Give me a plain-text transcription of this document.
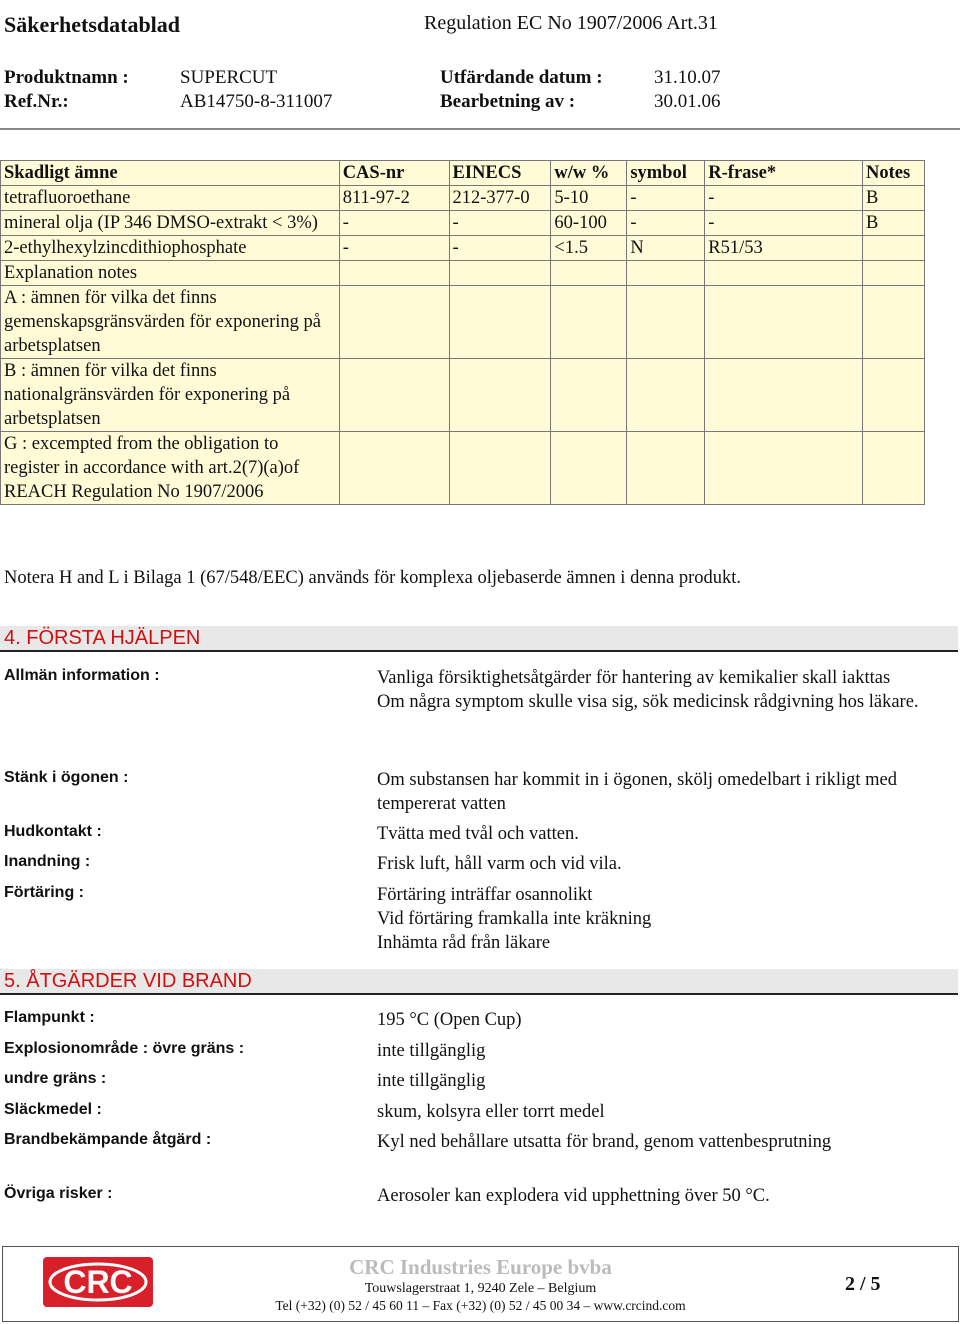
Säkerhetsdatablad	Regulation EC No 1907/2006 Art.31
Produktnamn :	SUPERCUT	Utfärdande datum :	31.10.07
Ref.Nr.:	AB14750-8-311007	Bearbetning av :	30.01.06
Skadligt ämne	CAS-nr	EINECS	w/w %	symbol	R-frase*	Notes
tetrafluoroethane	811-97-2	212-377-0	5-10	-	-	B
mineral olja (IP 346 DMSO-extrakt < 3%)	-	-	60-100	-	-	B
2-ethylhexylzincdithiophosphate	-	-	<1.5	N	R51/53	
Explanation notes						
A : ämnen för vilka det finns gemenskapsgränsvärden för exponering på arbetsplatsen						
B : ämnen för vilka det finns nationalgränsvärden för exponering på arbetsplatsen						
G : excempted from the obligation to register in accordance with art.2(7)(a)of REACH Regulation No 1907/2006						
Notera H and L i Bilaga 1 (67/548/EEC) används för komplexa oljebaserde ämnen i denna produkt.
4. FÖRSTA HJÄLPEN
Allmän information :	Vanliga försiktighetsåtgärder för hantering av kemikalier skall iakttas
Om några symptom skulle visa sig, sök medicinsk rådgivning hos läkare.
Stänk i ögonen :	Om substansen har kommit in i ögonen, skölj omedelbart i rikligt med tempererat vatten
Hudkontakt :	Tvätta med tvål och vatten.
Inandning :	Frisk luft, håll varm och vid vila.
Förtäring :	Förtäring inträffar osannolikt
Vid förtäring framkalla inte kräkning
Inhämta råd från läkare
5. ÅTGÄRDER VID BRAND
Flampunkt :	195 °C (Open Cup)
Explosionområde : övre gräns :	inte tillgänglig
undre gräns :	inte tillgänglig
Släckmedel :	skum, kolsyra eller torrt medel
Brandbekämpande åtgärd :	Kyl ned behållare utsatta för brand, genom vattenbesprutning
Övriga risker :	Aerosoler kan explodera vid upphettning över 50 °C.
CRC	CRC Industries Europe bvba
Touwslagerstraat 1, 9240 Zele – Belgium
Tel (+32) (0) 52 / 45 60 11 – Fax (+32) (0) 52 / 45 00 34 – www.crcind.com
2 / 5
